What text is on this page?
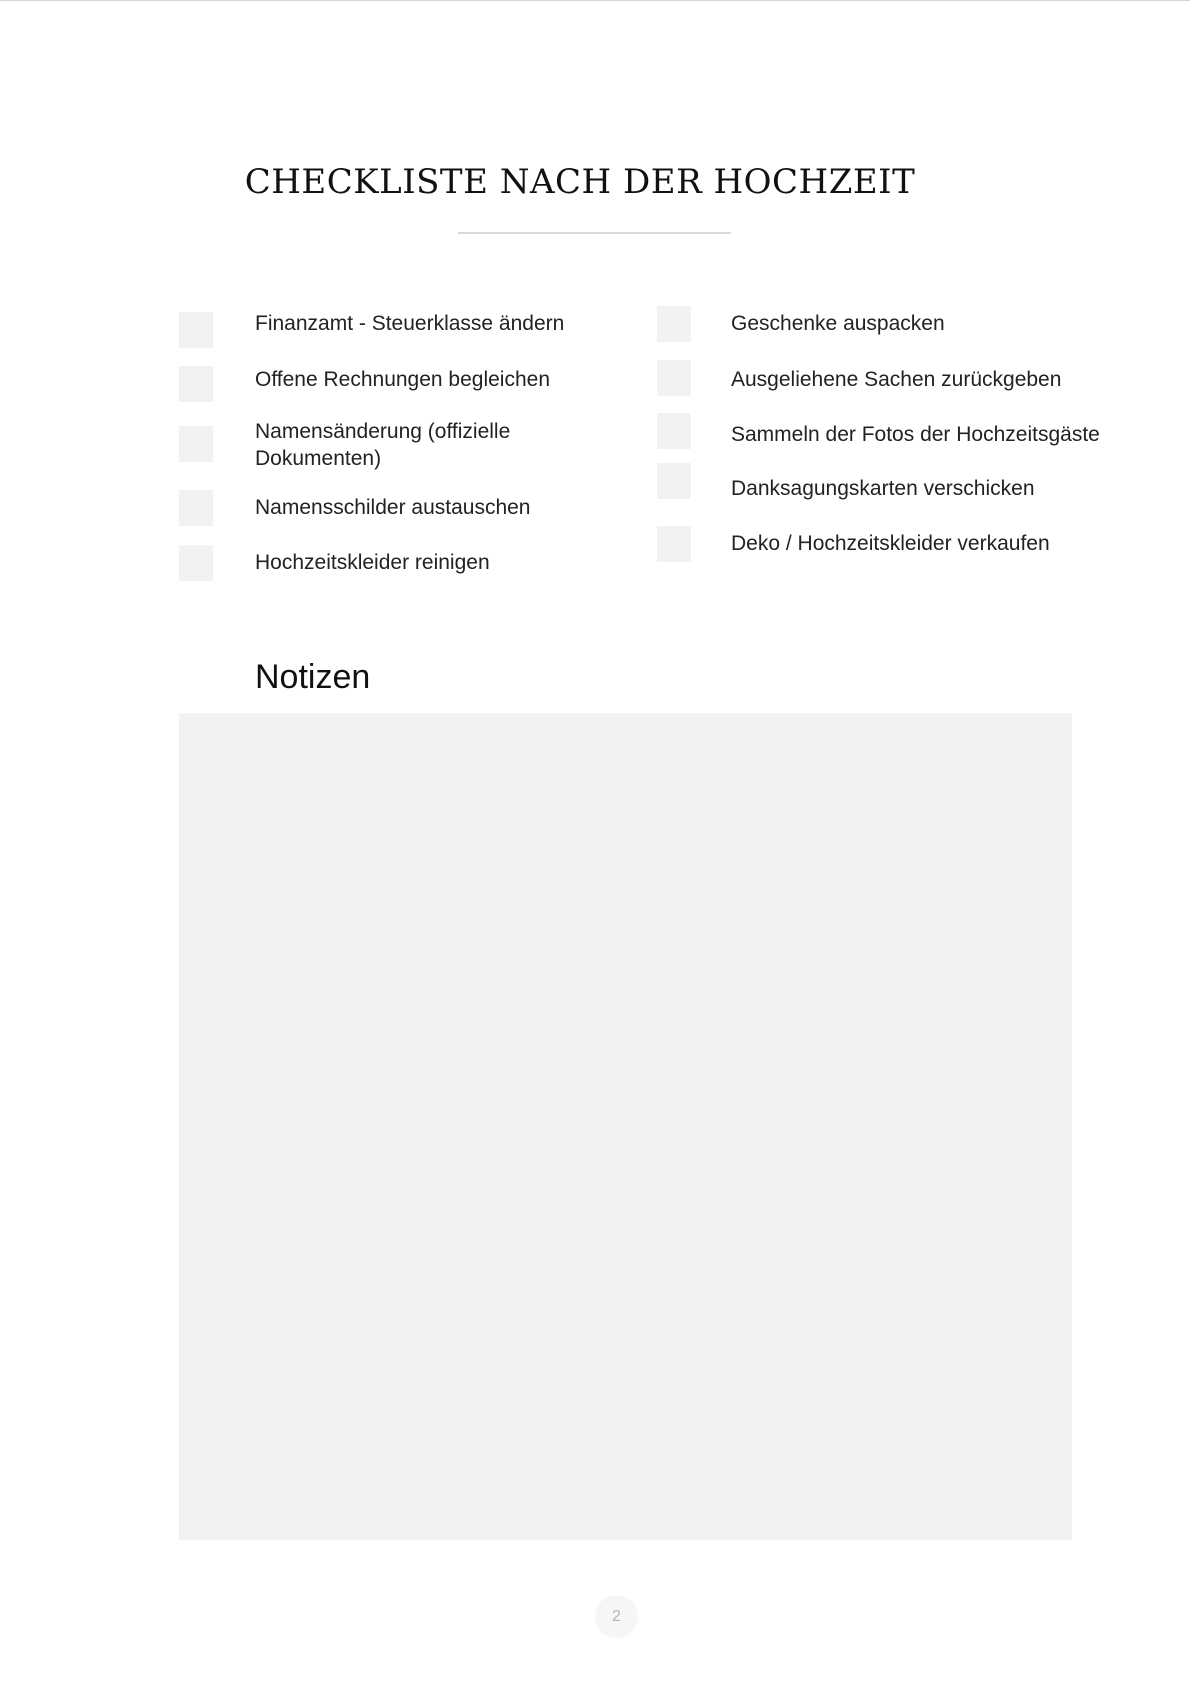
CHECKLISTE NACH DER HOCHZEIT
Finanzamt - Steuerklasse ändern
Offene Rechnungen begleichen
Namensänderung (offizielle Dokumenten)
Namensschilder austauschen
Hochzeitskleider reinigen
Geschenke auspacken
Ausgeliehene Sachen zurückgeben
Sammeln der Fotos der Hochzeitsgäste
Danksagungskarten verschicken
Deko / Hochzeitskleider verkaufen
Notizen
2
